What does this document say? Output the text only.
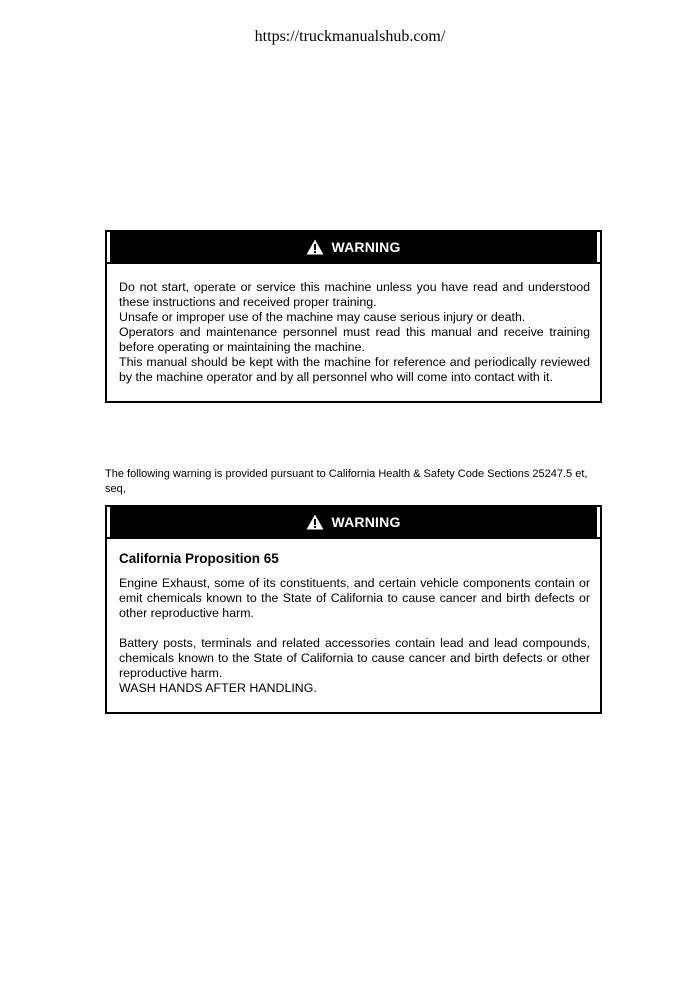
https://truckmanualshub.com/
WARNING

Do not start, operate or service this machine unless you have read and understood these instructions and received proper training.

Unsafe or improper use of the machine may cause serious injury or death.

Operators and maintenance personnel must read this manual and receive training before operating or maintaining the machine.

This manual should be kept with the machine for reference and periodically reviewed by the machine operator and by all personnel who will come into contact with it.

The following warning is provided pursuant to California Health & Safety Code Sections 25247.5 et, seq,
WARNING

California Proposition 65

Engine Exhaust, some of its constituents, and certain vehicle components contain or emit chemicals known to the State of California to cause cancer and birth defects or other reproductive harm.

Battery posts, terminals and related accessories contain lead and lead compounds, chemicals known to the State of California to cause cancer and birth defects or other reproductive harm.

WASH HANDS AFTER HANDLING.
